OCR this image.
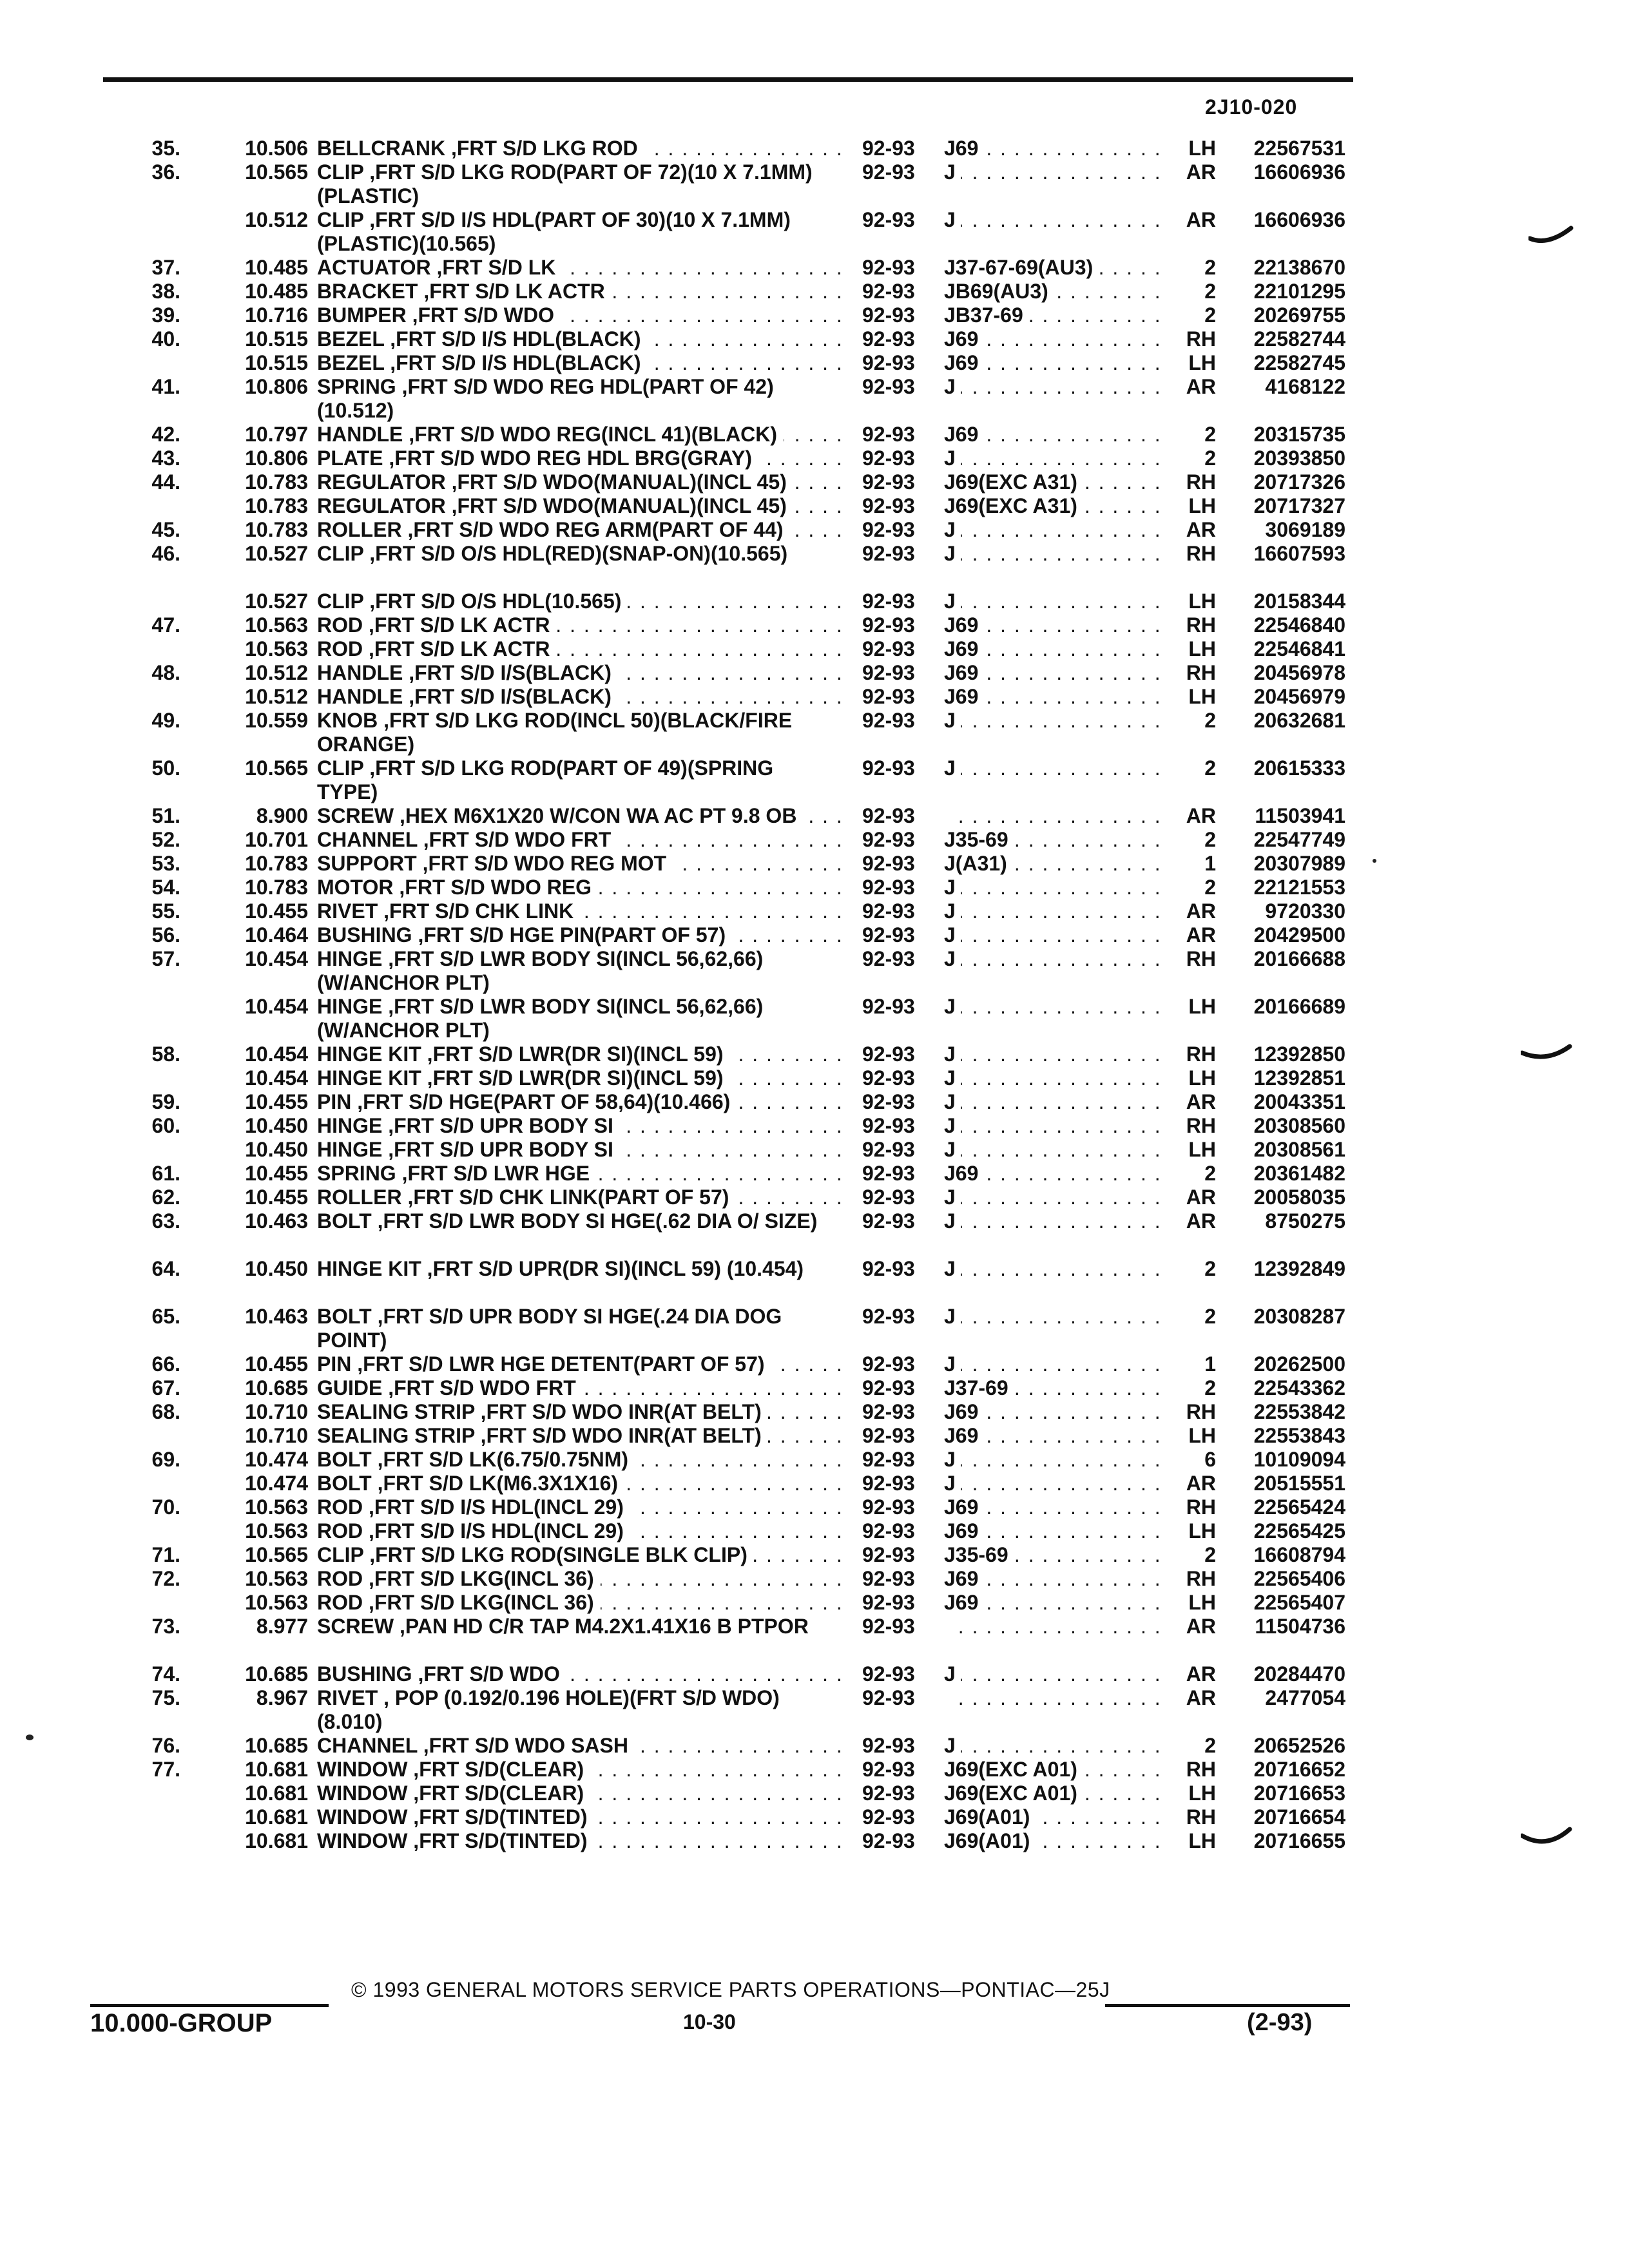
2J10-020
35.	10.506 BELLCRANK ,FRT S/D LKG ROD . . .	92-93	J69 . . .	LH	22567531
36.	10.565 CLIP ,FRT S/D LKG ROD(PART OF 72)(10 X 7.1MM)(PLASTIC)
92-93	J . . .	AR	16606936
10.512 CLIP ,FRT S/D I/S HDL(PART OF 30)(10 X 7.1MM)(PLASTIC)(10.565)
92-93	J . . .	AR	16606936
37.	10.485 ACTUATOR ,FRT S/D LK . . .	92-93	J37-67-69(AU3) . . .	2	22138670
38.	10.485 BRACKET ,FRT S/D LK ACTR . . .	92-93	JB69(AU3) . . .	2	22101295
39.	10.716 BUMPER ,FRT S/D WDO . . .	92-93	JB37-69 . . .	2	20269755
40.	10.515 BEZEL ,FRT S/D I/S HDL(BLACK) . . .	92-93	J69 . . .	RH	22582744
10.515 BEZEL ,FRT S/D I/S HDL(BLACK) . . .	92-93	J69 . . .	LH	22582745
41.	10.806 SPRING ,FRT S/D WDO REG HDL(PART OF 42) (10.512)
92-93	J . . .	AR	4168122
42.	10.797 HANDLE ,FRT S/D WDO REG(INCL 41)(BLACK) . . .	92-93	J69 . . .	2	20315735
43.	10.806 PLATE ,FRT S/D WDO REG HDL BRG(GRAY) . . .	92-93	J . . .	2	20393850
44.	10.783 REGULATOR ,FRT S/D WDO(MANUAL)(INCL 45) . . .	92-93	J69(EXC A31) . . .	RH	20717326
10.783 REGULATOR ,FRT S/D WDO(MANUAL)(INCL 45) . . .	92-93	J69(EXC A31) . . .	LH	20717327
45.	10.783 ROLLER ,FRT S/D WDO REG ARM(PART OF 44) . . .	92-93	J . . .	AR	3069189
46.	10.527 CLIP ,FRT S/D O/S HDL(RED)(SNAP-ON)(10.565)	92-93	J . . .	RH	16607593
10.527 CLIP ,FRT S/D O/S HDL(10.565) . . .	92-93	J . . .	LH	20158344
47.	10.563 ROD ,FRT S/D LK ACTR . . .	92-93	J69 . . .	RH	22546840
10.563 ROD ,FRT S/D LK ACTR . . .	92-93	J69 . . .	LH	22546841
48.	10.512 HANDLE ,FRT S/D I/S(BLACK) . . .	92-93	J69 . . .	RH	20456978
10.512 HANDLE ,FRT S/D I/S(BLACK) . . .	92-93	J69 . . .	LH	20456979
49.	10.559 KNOB ,FRT S/D LKG ROD(INCL 50)(BLACK/FIRE ORANGE)
92-93	J . . .	2	20632681
50.	10.565 CLIP ,FRT S/D LKG ROD(PART OF 49)(SPRING TYPE)
92-93	J . . .	2	20615333
51.	8.900 SCREW ,HEX M6X1X20 W/CON WA AC PT 9.8 OB . . .	92-93 . . .	AR	11503941
52.	10.701 CHANNEL ,FRT S/D WDO FRT . . .	92-93	J35-69 . . .	2	22547749
53.	10.783 SUPPORT ,FRT S/D WDO REG MOT . . .	92-93	J(A31) . . .	1	20307989
54.	10.783 MOTOR ,FRT S/D WDO REG . . .	92-93	J . . .	2	22121553
55.	10.455 RIVET ,FRT S/D CHK LINK . . .	92-93	J . . .	AR	9720330
56.	10.464 BUSHING ,FRT S/D HGE PIN(PART OF 57) . . .	92-93	J . . .	AR	20429500
57.	10.454 HINGE ,FRT S/D LWR BODY SI(INCL 56,62,66) (W/ANCHOR PLT)
92-93	J . . .	RH	20166688
10.454 HINGE ,FRT S/D LWR BODY SI(INCL 56,62,66) (W/ANCHOR PLT)
92-93	J . . .	LH	20166689
58.	10.454 HINGE KIT ,FRT S/D LWR(DR SI)(INCL 59) . . .	92-93	J . . .	RH	12392850
10.454 HINGE KIT ,FRT S/D LWR(DR SI)(INCL 59) . . .	92-93	J . . .	LH	12392851
59.	10.455 PIN ,FRT S/D HGE(PART OF 58,64)(10.466) . . .	92-93	J . . .	AR	20043351
60.	10.450 HINGE ,FRT S/D UPR BODY SI . . .	92-93	J . . .	RH	20308560
10.450 HINGE ,FRT S/D UPR BODY SI . . .	92-93	J . . .	LH	20308561
61.	10.455 SPRING ,FRT S/D LWR HGE . . .	92-93	J69 . . .	2	20361482
62.	10.455 ROLLER ,FRT S/D CHK LINK(PART OF 57) . . .	92-93	J . . .	AR	20058035
63.	10.463 BOLT ,FRT S/D LWR BODY SI HGE(.62 DIA O/ SIZE)	92-93	J . . .	AR	8750275
64.	10.450 HINGE KIT ,FRT S/D UPR(DR SI)(INCL 59) (10.454)	92-93	J . . .	2	12392849
65.	10.463 BOLT ,FRT S/D UPR BODY SI HGE(.24 DIA DOG POINT)
92-93	J . . .	2	20308287
66.	10.455 PIN ,FRT S/D LWR HGE DETENT(PART OF 57) . . .	92-93	J . . .	1	20262500
67.	10.685 GUIDE ,FRT S/D WDO FRT . . .	92-93	J37-69 . . .	2	22543362
68.	10.710 SEALING STRIP ,FRT S/D WDO INR(AT BELT) . . .	92-93	J69 . . .	RH	22553842
10.710 SEALING STRIP ,FRT S/D WDO INR(AT BELT) . . .	92-93	J69 . . .	LH	22553843
69.	10.474 BOLT ,FRT S/D LK(6.75/0.75NM) . . .	92-93	J . . .	6	10109094
10.474 BOLT ,FRT S/D LK(M6.3X1X16) . . .	92-93	J . . .	AR	20515551
70.	10.563 ROD ,FRT S/D I/S HDL(INCL 29) . . .	92-93	J69 . . .	RH	22565424
10.563 ROD ,FRT S/D I/S HDL(INCL 29) . . .	92-93	J69 . . .	LH	22565425
71.	10.565 CLIP ,FRT S/D LKG ROD(SINGLE BLK CLIP) . . .	92-93	J35-69 . . .	2	16608794
72.	10.563 ROD ,FRT S/D LKG(INCL 36) . . .	92-93	J69 . . .	RH	22565406
10.563 ROD ,FRT S/D LKG(INCL 36) . . .	92-93	J69 . . .	LH	22565407
73.	8.977 SCREW ,PAN HD C/R TAP M4.2X1.41X16 B PTPOR	92-93 . . .	AR	11504736
74.	10.685 BUSHING ,FRT S/D WDO . . .	92-93	J . . .	AR	20284470
75.	8.967 RIVET , POP (0.192/0.196 HOLE)(FRT S/D WDO)(8.010)
92-93 . . .	AR	2477054
76.	10.685 CHANNEL ,FRT S/D WDO SASH . . .	92-93	J . . .	2	20652526
77.	10.681 WINDOW ,FRT S/D(CLEAR) . . .	92-93	J69(EXC A01) . . .	RH	20716652
10.681 WINDOW ,FRT S/D(CLEAR) . . .	92-93	J69(EXC A01) . . .	LH	20716653
10.681 WINDOW ,FRT S/D(TINTED) . . .	92-93	J69(A01) . . .	RH	20716654
10.681 WINDOW ,FRT S/D(TINTED) . . .	92-93	J69(A01) . . .	LH	20716655
© 1993 GENERAL MOTORS SERVICE PARTS OPERATIONS—PONTIAC—25J
10.000-GROUP	10-30	(2-93)
